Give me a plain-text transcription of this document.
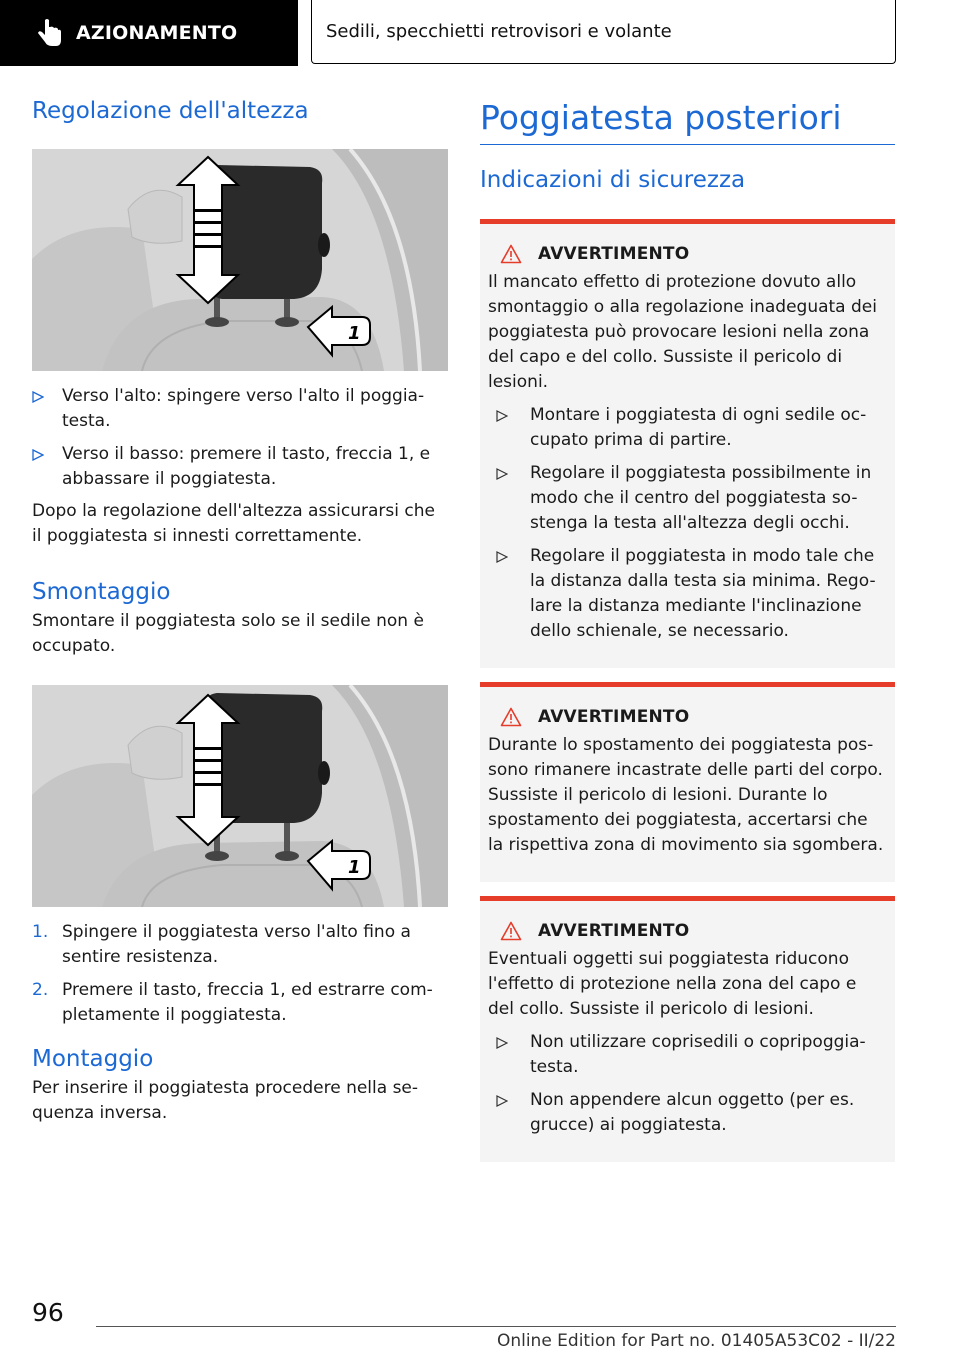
AZIONAMENTO	Sedili, specchietti retrovisori e volante
Regolazione dell'altezza
1
Verso l'alto: spingere verso l'alto il poggia-testa.
Verso il basso: premere il tasto, freccia 1, e abbassare il poggiatesta.

Dopo la regolazione dell'altezza assicurarsi che il poggiatesta si innesti correttamente.

Smontaggio

Smontare il poggiatesta solo se il sedile non è occupato.

1
1. Spingere il poggiatesta verso l'alto fino a sentire resistenza.
2. Premere il tasto, freccia 1, ed estrarre com-pletamente il poggiatesta.
Montaggio

Per inserire il poggiatesta procedere nella se-quenza inversa.

Poggiatesta posteriori
Indicazioni di sicurezza
AVVERTIMENTO

Il mancato effetto di protezione dovuto allo smontaggio o alla regolazione inadeguata dei poggiatesta può provocare lesioni nella zona del capo e del collo. Sussiste il pericolo di lesioni.

Montare i poggiatesta di ogni sedile oc-cupato prima di partire.
Regolare il poggiatesta possibilmente in modo che il centro del poggiatesta so-stenga la testa all'altezza degli occhi.
Regolare il poggiatesta in modo tale che la distanza dalla testa sia minima. Rego-lare la distanza mediante l'inclinazione dello schienale, se necessario.
AVVERTIMENTO

Durante lo spostamento dei poggiatesta pos-sono rimanere incastrate delle parti del corpo. Sussiste il pericolo di lesioni. Durante lo spostamento dei poggiatesta, accertarsi che la rispettiva zona di movimento sia sgombera.

AVVERTIMENTO

Eventuali oggetti sui poggiatesta riducono l'effetto di protezione nella zona del capo e del collo. Sussiste il pericolo di lesioni.

Non utilizzare coprisedili o copripoggia-testa.
Non appendere alcun oggetto (per es. grucce) ai poggiatesta.
96
Online Edition for Part no. 01405A53C02 - II/22
